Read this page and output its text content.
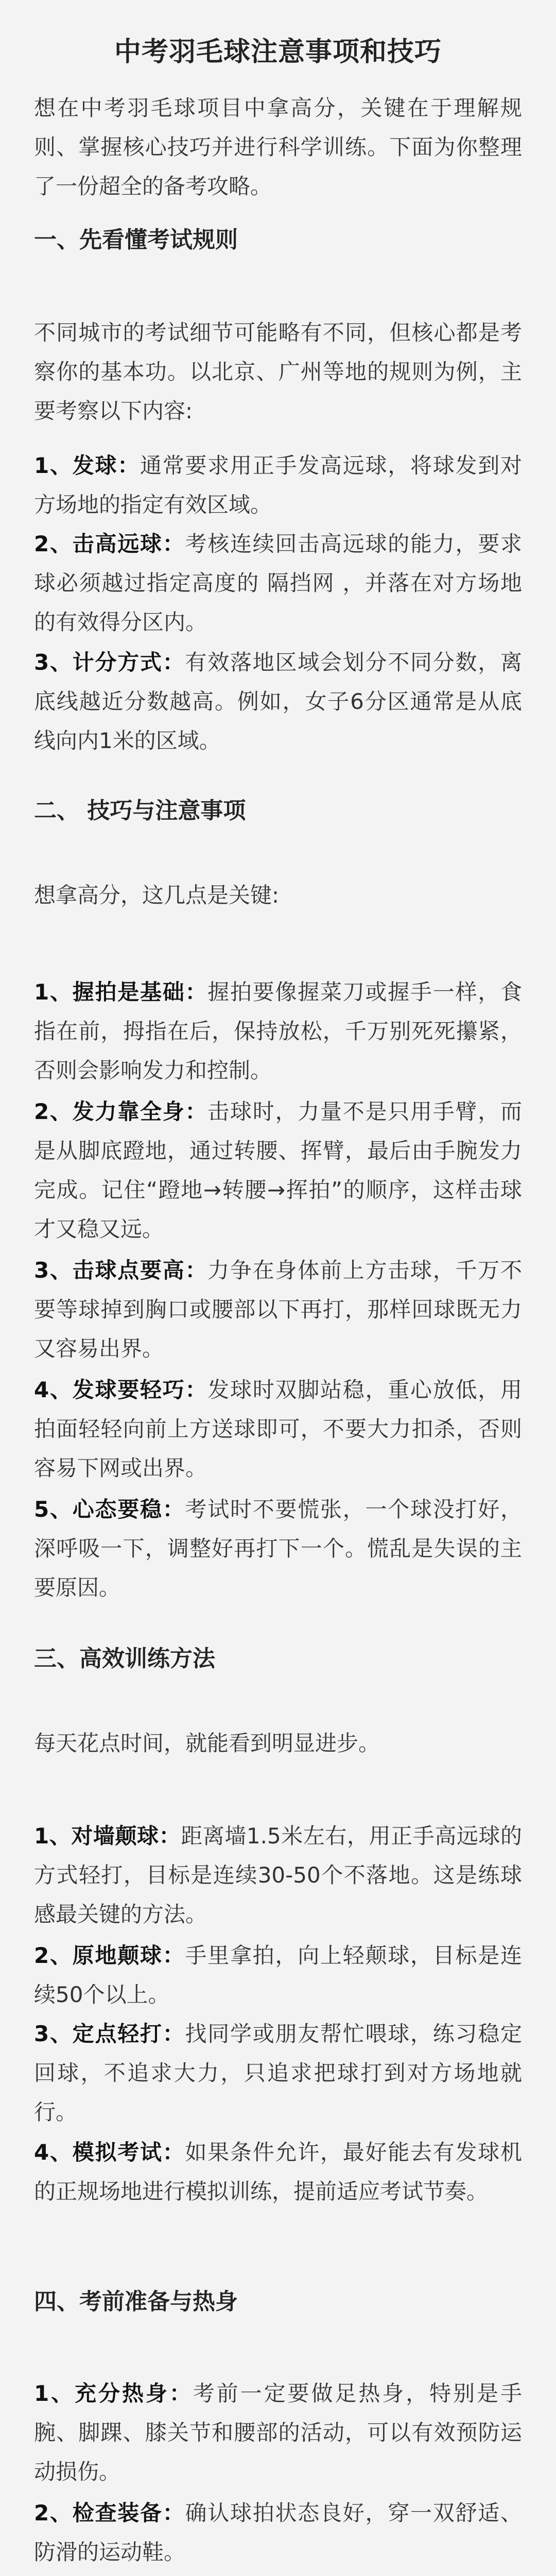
中考羽毛球注意事项和技巧
想在中考羽毛球项目中拿高分，关键在于理解规则、掌握核心技巧并进行科学训练。下面为你整理了一份超全的备考攻略。
一、先看懂考试规则
不同城市的考试细节可能略有不同，但核心都是考察你的基本功。以北京、广州等地的规则为例，主要考察以下内容:
1、发球：通常要求用正手发高远球，将球发到对方场地的指定有效区域。
2、击高远球：考核连续回击高远球的能力，要求球必须越过指定高度的 隔挡网 ，并落在对方场地的有效得分区内。
3、计分方式：有效落地区域会划分不同分数，离底线越近分数越高。例如，女子6分区通常是从底线向内1米的区域。
二、 技巧与注意事项
想拿高分，这几点是关键:
1、握拍是基础：握拍要像握菜刀或握手一样，食指在前，拇指在后，保持放松，千万别死死攥紧，否则会影响发力和控制。
2、发力靠全身：击球时，力量不是只用手臂，而是从脚底蹬地，通过转腰、挥臂，最后由手腕发力完成。记住“蹬地→转腰→挥拍”的顺序，这样击球才又稳又远。
3、击球点要高：力争在身体前上方击球，千万不要等球掉到胸口或腰部以下再打，那样回球既无力又容易出界。
4、发球要轻巧：发球时双脚站稳，重心放低，用拍面轻轻向前上方送球即可，不要大力扣杀，否则容易下网或出界。
5、心态要稳：考试时不要慌张，一个球没打好，深呼吸一下，调整好再打下一个。慌乱是失误的主要原因。
三、高效训练方法
每天花点时间，就能看到明显进步。
1、对墙颠球：距离墙1.5米左右，用正手高远球的方式轻打，目标是连续30-50个不落地。这是练球感最关键的方法。
2、原地颠球：手里拿拍，向上轻颠球，目标是连续50个以上。
3、定点轻打：找同学或朋友帮忙喂球，练习稳定回球，不追求大力，只追求把球打到对方场地就行。
4、模拟考试：如果条件允许，最好能去有发球机的正规场地进行模拟训练，提前适应考试节奏。
四、考前准备与热身
1、充分热身：考前一定要做足热身，特别是手腕、脚踝、膝关节和腰部的活动，可以有效预防运动损伤。
2、检查装备：确认球拍状态良好，穿一双舒适、防滑的运动鞋。
